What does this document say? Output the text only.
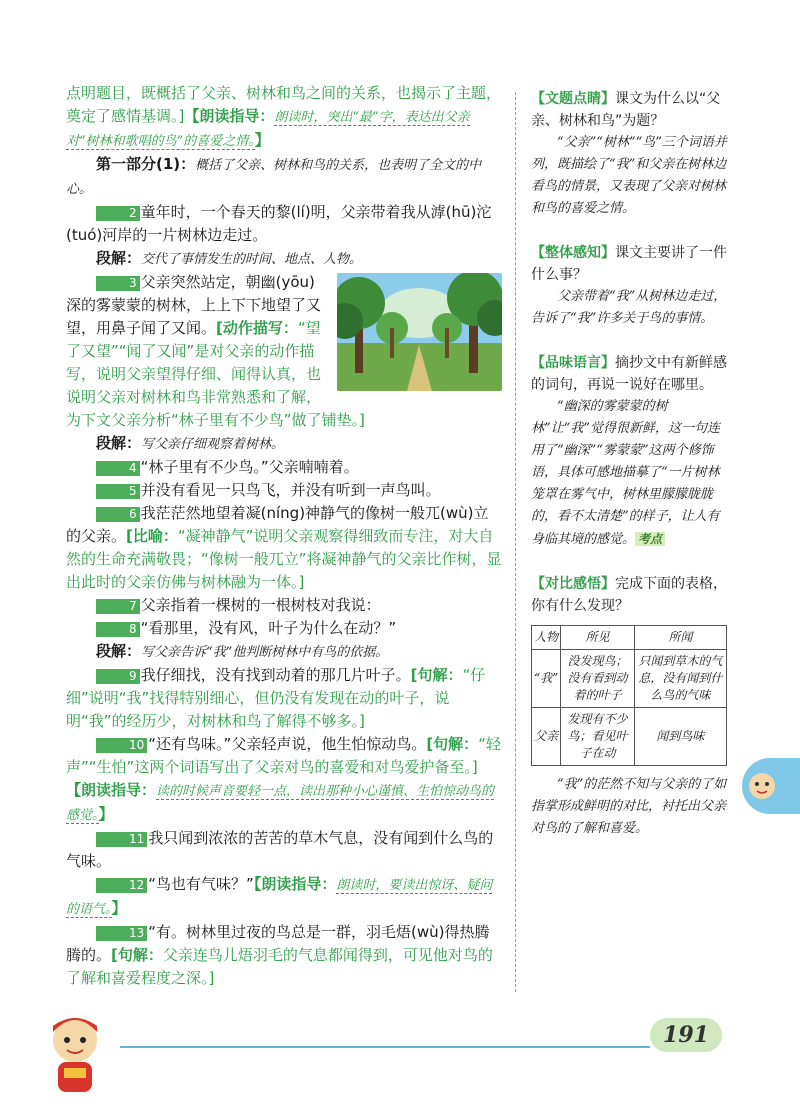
点明题目，既概括了父亲、树林和鸟之间的关系，也揭示了主题，奠定了感情基调。]【朗读指导：朗读时，突出“最”字，表达出父亲对“树林和歌唱的鸟”的喜爱之情。】

第一部分(1)：概括了父亲、树林和鸟的关系，也表明了全文的中心。

2 童年时，一个春天的黎(lí)明，父亲带着我从滹(hū)沱(tuó)河岸的一片树林边走过。

段解：交代了事情发生的时间、地点、人物。

3 父亲突然站定，朝幽(yōu)深的雾蒙蒙的树林，上上下下地望了又望，用鼻子闻了又闻。[动作描写：“望了又望”“闻了又闻”是对父亲的动作描写，说明父亲望得仔细、闻得认真，也说明父亲对树林和鸟非常熟悉和了解，为下文父亲分析“林子里有不少鸟”做了铺垫。]

段解：写父亲仔细观察着树林。

4 “林子里有不少鸟。”父亲喃喃着。

5 并没有看见一只鸟飞，并没有听到一声鸟叫。

6 我茫茫然地望着凝(níng)神静气的像树一般兀(wù)立的父亲。[比喻：“凝神静气”说明父亲观察得细致而专注，对大自然的生命充满敬畏；“像树一般兀立”将凝神静气的父亲比作树，显出此时的父亲仿佛与树林融为一体。]

7 父亲指着一棵树的一根树枝对我说：

8 “看那里，没有风，叶子为什么在动？”

段解：写父亲告诉“我”他判断树林中有鸟的依据。

9 我仔细找，没有找到动着的那几片叶子。[句解：“仔细”说明“我”找得特别细心，但仍没有发现在动的叶子，说明“我”的经历少，对树林和鸟了解得不够多。]

10 “还有鸟味。”父亲轻声说，他生怕惊动鸟。[句解：“轻声”“生怕”这两个词语写出了父亲对鸟的喜爱和对鸟爱护备至。]【朗读指导：读的时候声音要轻一点，读出那种小心谨慎、生怕惊动鸟的感觉。】

11 我只闻到浓浓的苦苦的草木气息，没有闻到什么鸟的气味。

12 “鸟也有气味？”【朗读指导：朗读时，要读出惊讶、疑问的语气。】

13 “有。树林里过夜的鸟总是一群，羽毛焐(wù)得热腾腾的。[句解：父亲连鸟儿焐羽毛的气息都闻得到，可见他对鸟的了解和喜爱程度之深。]

【文题点睛】课文为什么以“父亲、树林和鸟”为题？

“父亲”“树林”“鸟”三个词语并列，既描绘了“我”和父亲在树林边看鸟的情景，又表现了父亲对树林和鸟的喜爱之情。

【整体感知】课文主要讲了一件什么事？

父亲带着“我”从树林边走过，告诉了“我”许多关于鸟的事情。

【品味语言】摘抄文中有新鲜感的词句，再说一说好在哪里。

“幽深的雾蒙蒙的树林”让“我”觉得很新鲜，这一句连用了“幽深”“雾蒙蒙”这两个修饰语，具体可感地描摹了“一片树林笼罩在雾气中，树林里朦朦胧胧的，看不太清楚”的样子，让人有身临其境的感觉。 考点

【对比感悟】完成下面的表格，你有什么发现？

人物	所见	所闻
“我”	没发现鸟；没有看到动着的叶子	只闻到草木的气息，没有闻到什么鸟的气味
父亲	发现有不少鸟；看见叶子在动	闻到鸟味

“我”的茫然不知与父亲的了如指掌形成鲜明的对比，衬托出父亲对鸟的了解和喜爱。

191
